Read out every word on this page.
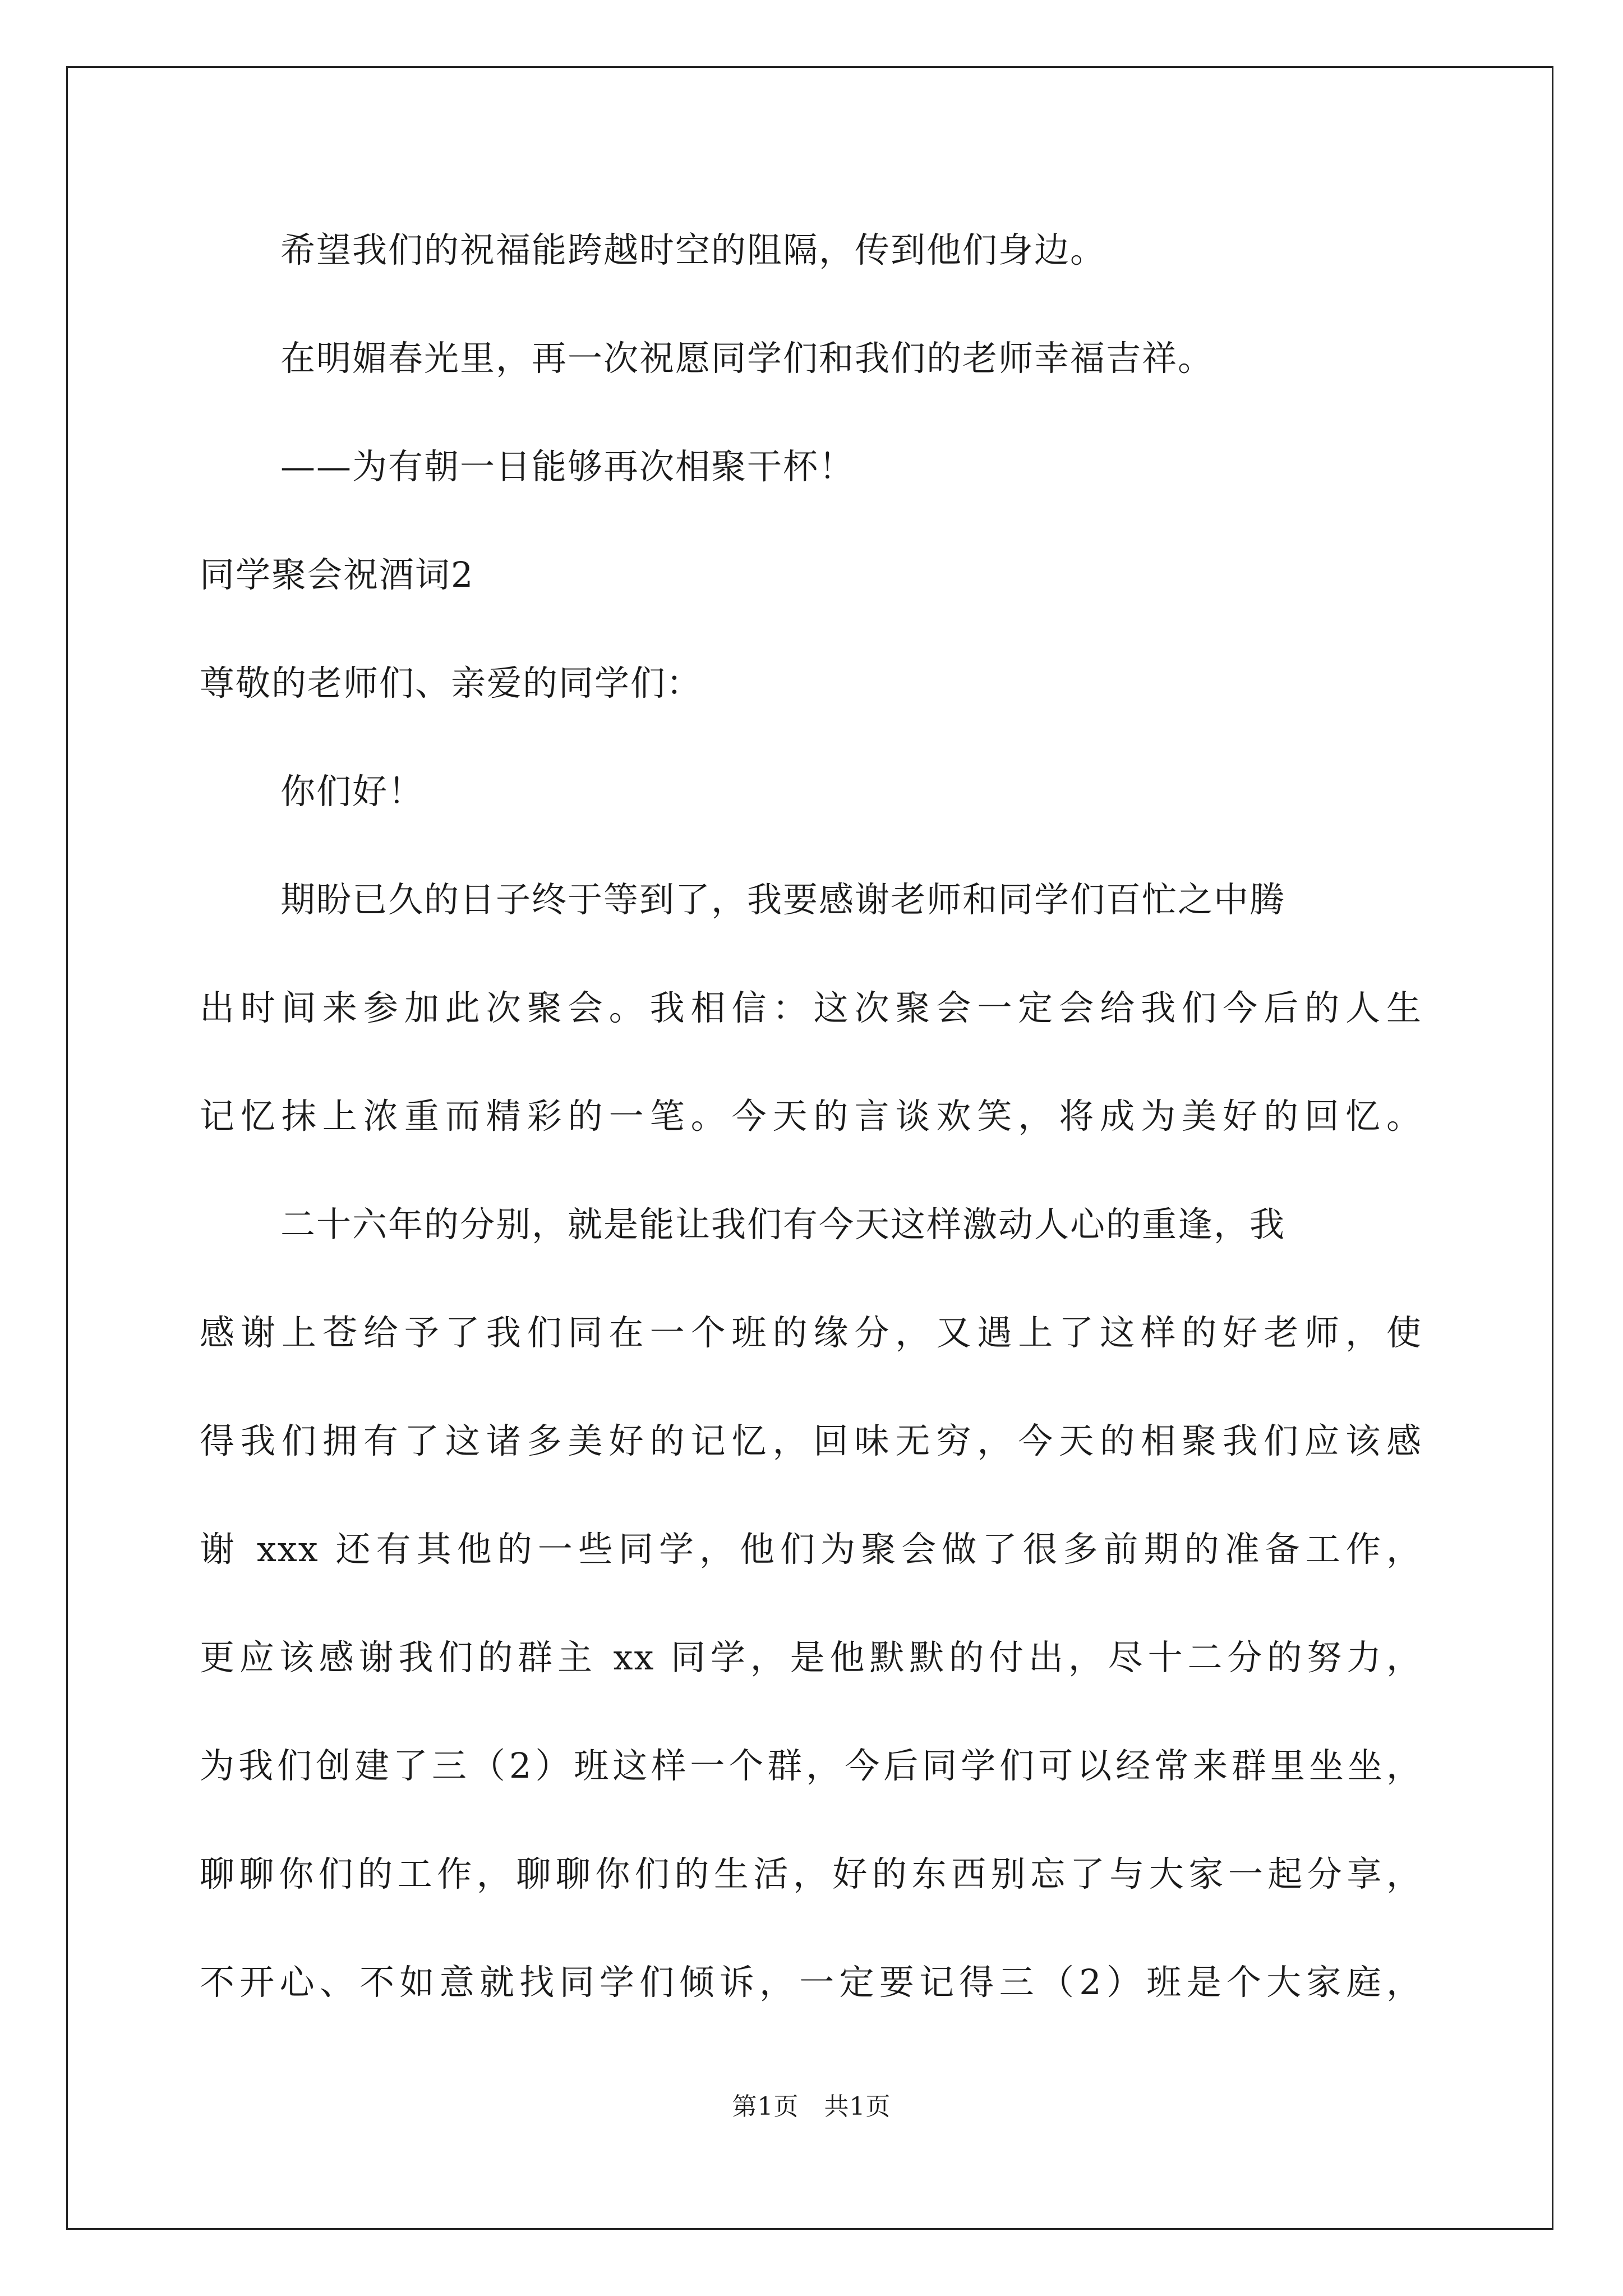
希望我们的祝福能跨越时空的阻隔，传到他们身边。
在明媚春光里，再一次祝愿同学们和我们的老师幸福吉祥。
——为有朝一日能够再次相聚干杯！
同学聚会祝酒词2
尊敬的老师们、亲爱的同学们：
你们好！
期盼已久的日子终于等到了，我要感谢老师和同学们百忙之中腾
出时间来参加此次聚会。我相信：这次聚会一定会给我们今后的人生
记忆抹上浓重而精彩的一笔。今天的言谈欢笑，将成为美好的回忆。
二十六年的分别，就是能让我们有今天这样激动人心的重逢，我
感谢上苍给予了我们同在一个班的缘分，又遇上了这样的好老师，使
得我们拥有了这诸多美好的记忆，回味无穷，今天的相聚我们应该感
谢 xxx 还有其他的一些同学，他们为聚会做了很多前期的准备工作，
更应该感谢我们的群主 xx 同学，是他默默的付出，尽十二分的努力，
为我们创建了三（2）班这样一个群，今后同学们可以经常来群里坐坐，
聊聊你们的工作，聊聊你们的生活，好的东西别忘了与大家一起分享，
不开心、不如意就找同学们倾诉，一定要记得三（2）班是个大家庭，
第1页　共1页
